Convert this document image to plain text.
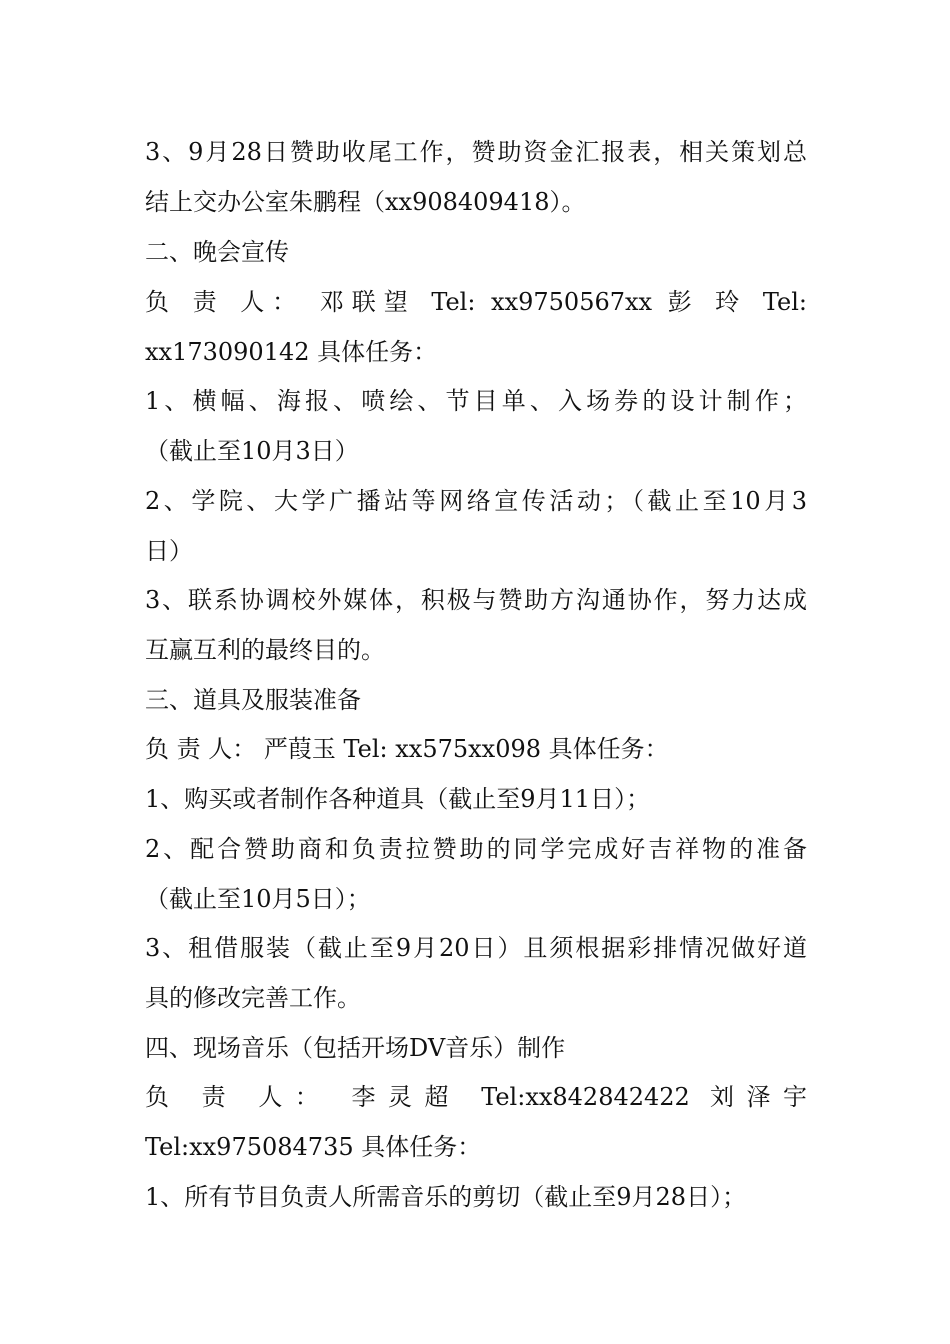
3、9月28日赞助收尾工作，赞助资金汇报表，相关策划总
结上交办公室朱鹏程（xx908409418）。
二、晚会宣传
负 责 人： 邓联望 Tel: xx9750567xx 彭 玲 Tel:
xx173090142 具体任务：
1、横幅、海报、喷绘、节目单、入场券的设计制作；
（截止至10月3日）
2、学院、大学广播站等网络宣传活动；（截止至10月3
日）
3、联系协调校外媒体，积极与赞助方沟通协作，努力达成
互赢互利的最终目的。
三、道具及服装准备
负 责 人： 严葭玉 Tel: xx575xx098 具体任务：
1、购买或者制作各种道具（截止至9月11日）；
2、配合赞助商和负责拉赞助的同学完成好吉祥物的准备
（截止至10月5日）；
3、租借服装（截止至9月20日）且须根据彩排情况做好道
具的修改完善工作。
四、现场音乐（包括开场DV音乐）制作
负 责 人： 李灵超 Tel:xx842842422 刘泽宇
Tel:xx975084735 具体任务：
1、所有节目负责人所需音乐的剪切（截止至9月28日）；
